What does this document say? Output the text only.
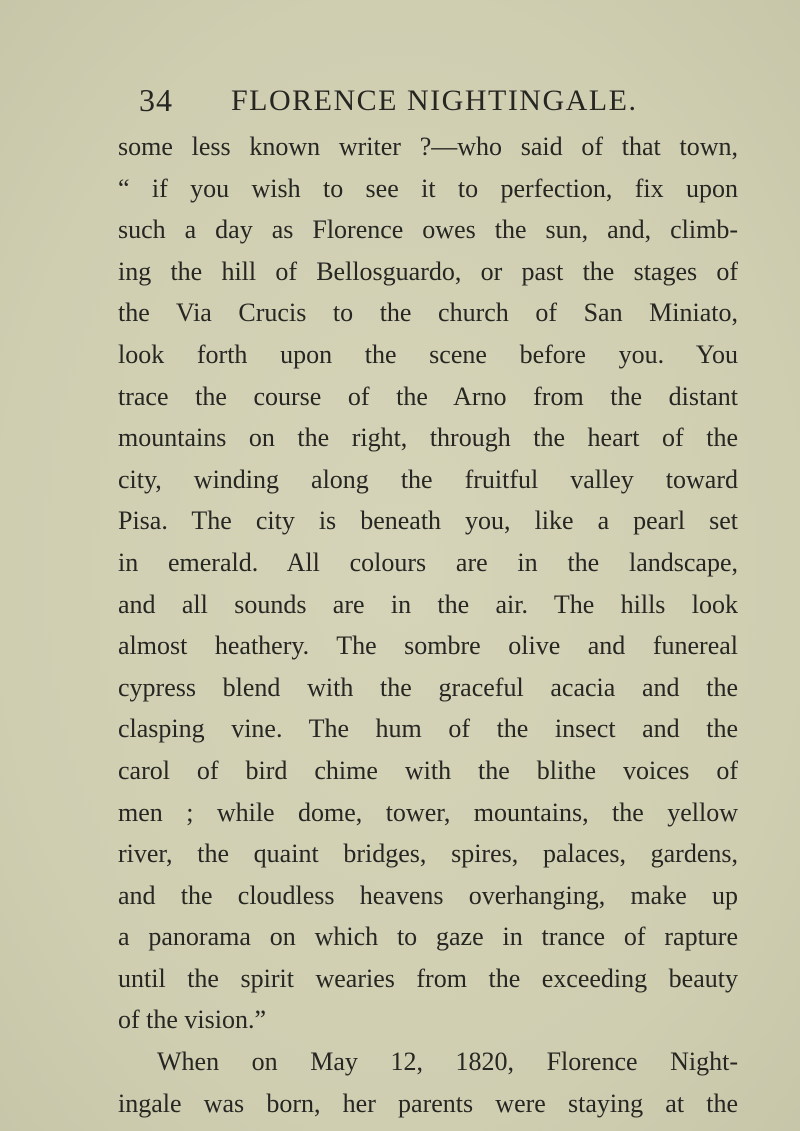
34 FLORENCE NIGHTINGALE.
some less known writer ?—who said of that town,
“ if you wish to see it to perfection, fix upon
such a day as Florence owes the sun, and, climb-
ing the hill of Bellosguardo, or past the stages of
the Via Crucis to the church of San Miniato,
look forth upon the scene before you. You
trace the course of the Arno from the distant
mountains on the right, through the heart of the
city, winding along the fruitful valley toward
Pisa. The city is beneath you, like a pearl set
in emerald. All colours are in the landscape,
and all sounds are in the air. The hills look
almost heathery. The sombre olive and funereal
cypress blend with the graceful acacia and the
clasping vine. The hum of the insect and the
carol of bird chime with the blithe voices of
men ; while dome, tower, mountains, the yellow
river, the quaint bridges, spires, palaces, gardens,
and the cloudless heavens overhanging, make up
a panorama on which to gaze in trance of rapture
until the spirit wearies from the exceeding beauty
of the vision.”
When on May 12, 1820, Florence Night-
ingale was born, her parents were staying at the
